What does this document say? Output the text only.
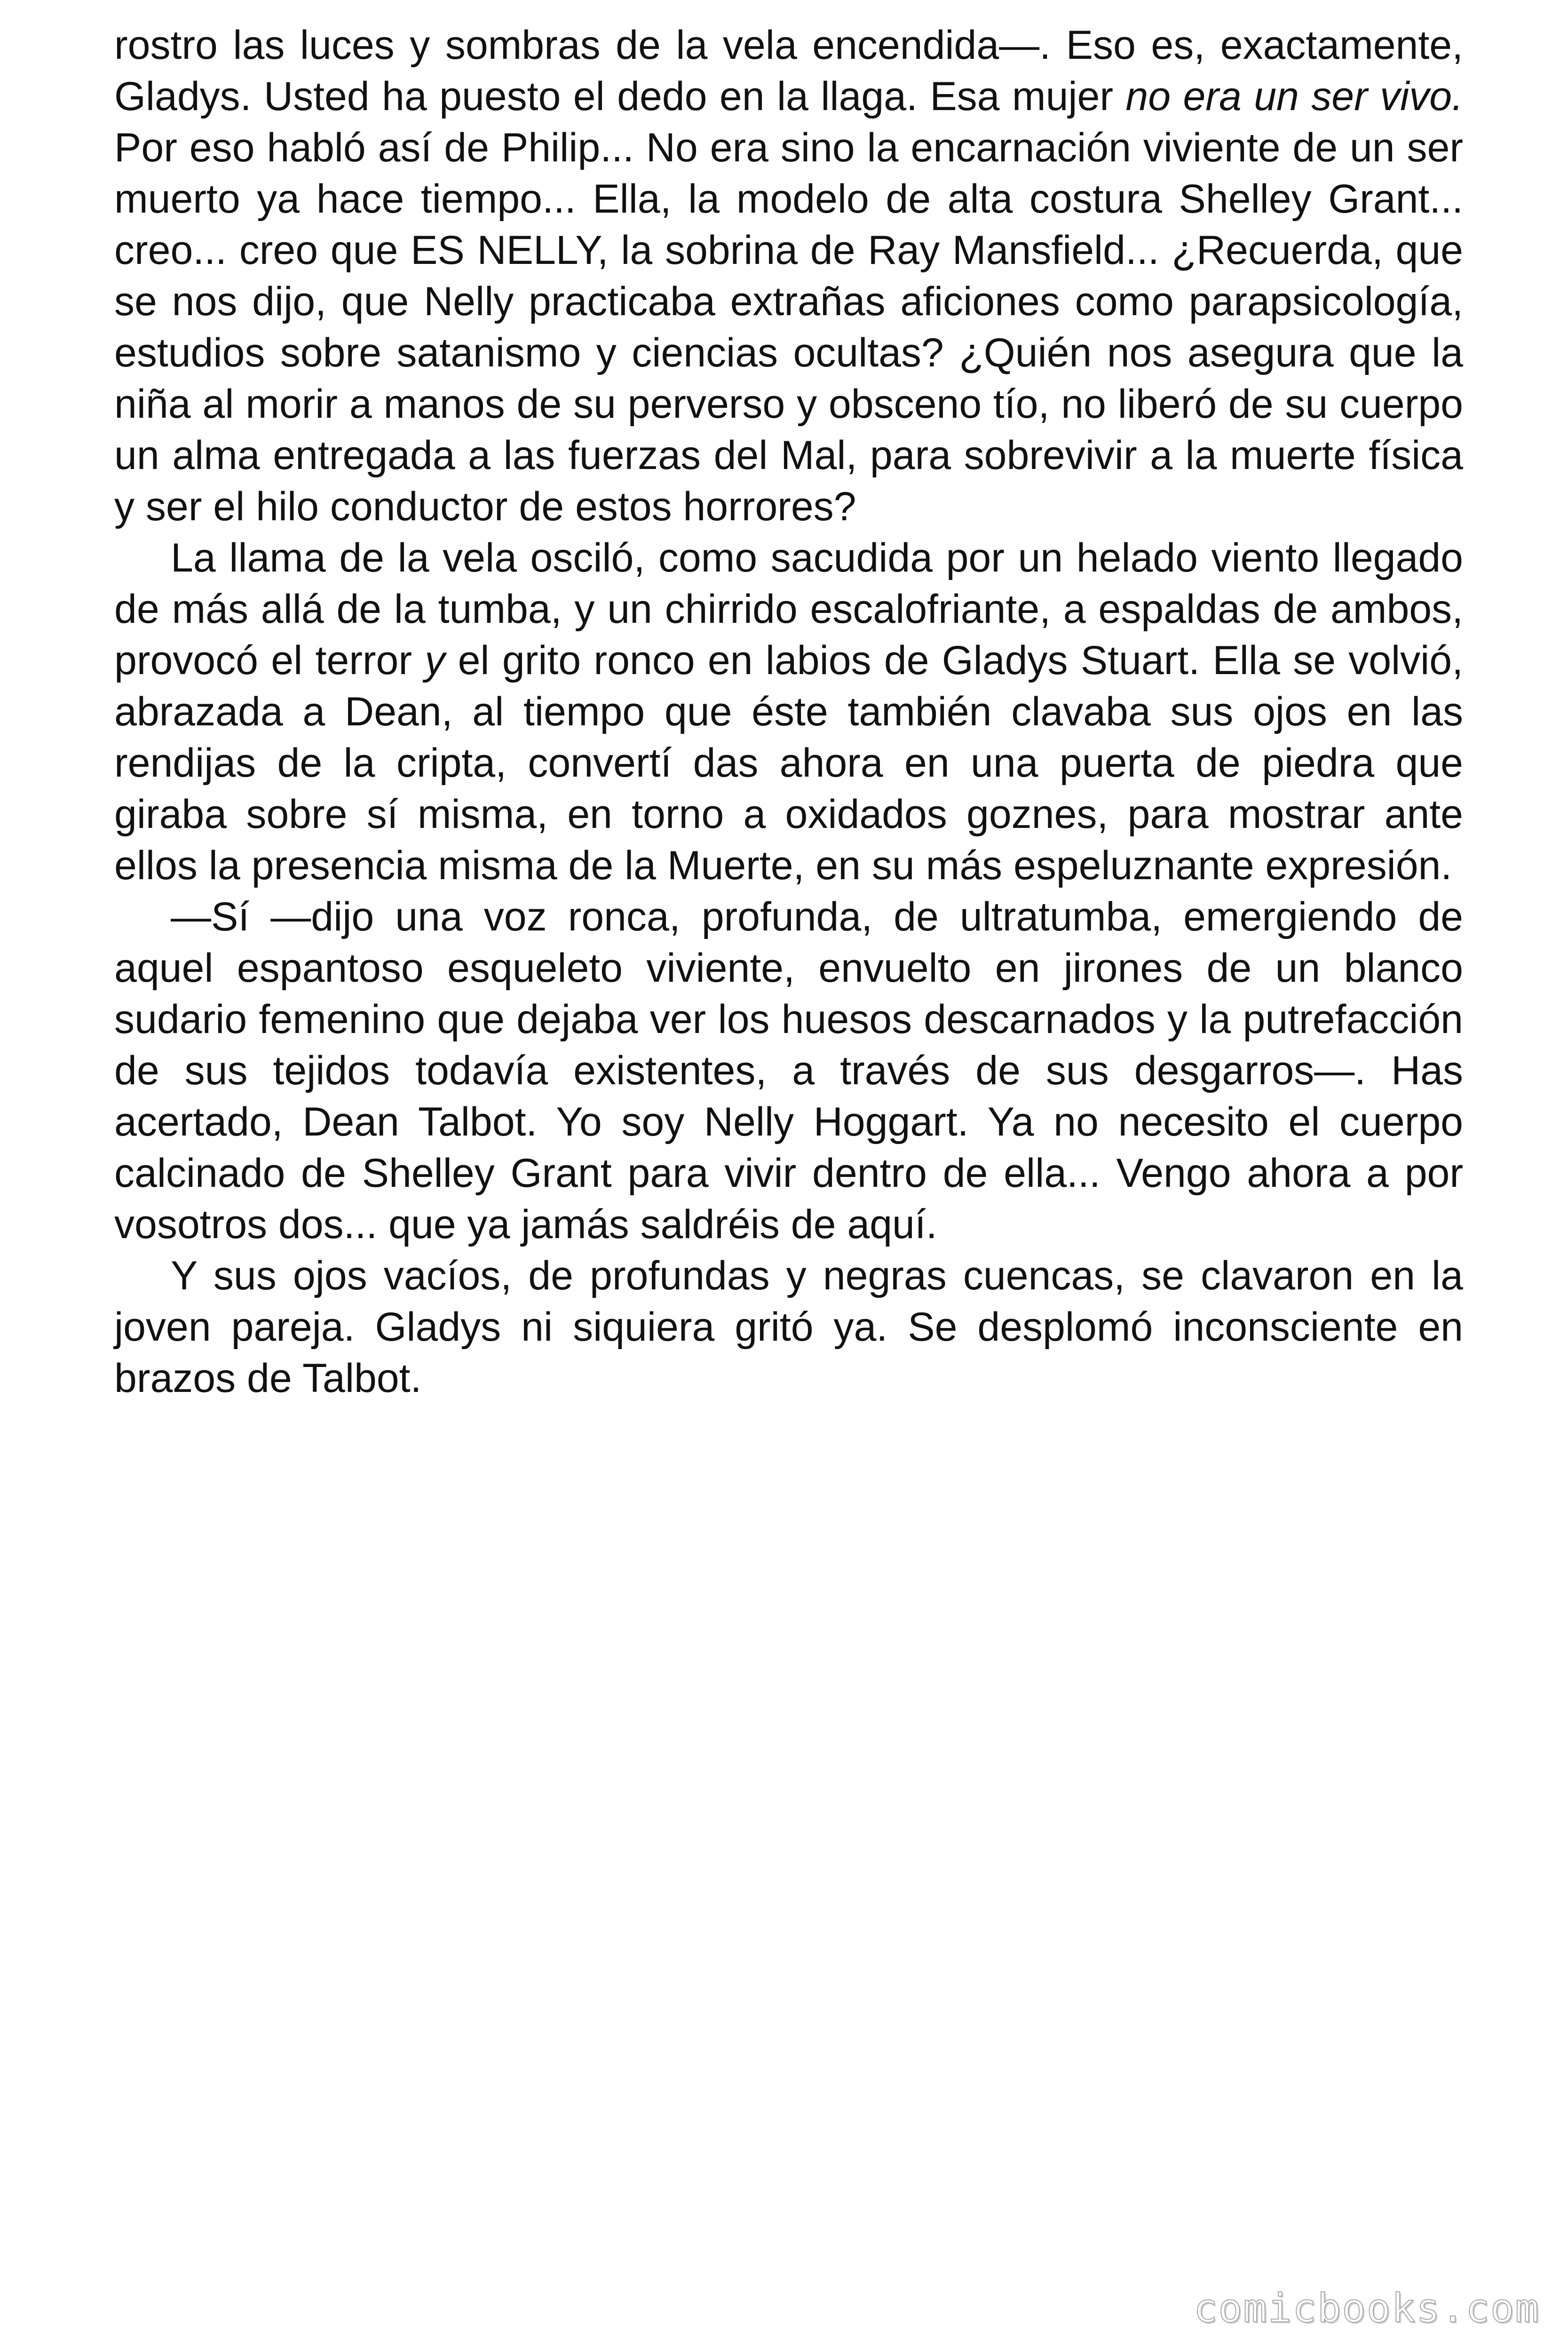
rostro las luces y sombras de la vela encendida—. Eso es, exactamente, Gladys. Usted ha puesto el dedo en la llaga. Esa mujer no era un ser vivo. Por eso habló así de Philip... No era sino la encarnación viviente de un ser muerto ya hace tiempo... Ella, la modelo de alta costura Shelley Grant... creo... creo que ES NELLY, la sobrina de Ray Mansfield... ¿Recuerda, que se nos dijo, que Nelly practicaba extrañas aficiones como parapsicología, estudios sobre satanismo y ciencias ocultas? ¿Quién nos asegura que la niña al morir a manos de su perverso y obsceno tío, no liberó de su cuerpo un alma entregada a las fuerzas del Mal, para sobrevivir a la muerte física y ser el hilo conductor de estos horrores?

La llama de la vela osciló, como sacudida por un helado viento llegado de más allá de la tumba, y un chirrido escalofriante, a espaldas de ambos, provocó el terror y el grito ronco en labios de Gladys Stuart. Ella se volvió, abrazada a Dean, al tiempo que éste también clavaba sus ojos en las rendijas de la cripta, convertí das ahora en una puerta de piedra que giraba sobre sí misma, en torno a oxidados goznes, para mostrar ante ellos la presencia misma de la Muerte, en su más espeluznante expresión.

—Sí —dijo una voz ronca, profunda, de ultratumba, emergiendo de aquel espantoso esqueleto viviente, envuelto en jirones de un blanco sudario femenino que dejaba ver los huesos descarnados y la putrefacción de sus tejidos todavía existentes, a través de sus desgarros—. Has acertado, Dean Talbot. Yo soy Nelly Hoggart. Ya no necesito el cuerpo calcinado de Shelley Grant para vivir dentro de ella... Vengo ahora a por vosotros dos... que ya jamás saldréis de aquí.

Y sus ojos vacíos, de profundas y negras cuencas, se clavaron en la joven pareja. Gladys ni siquiera gritó ya. Se desplomó inconsciente en brazos de Talbot.

comicbooks.com
